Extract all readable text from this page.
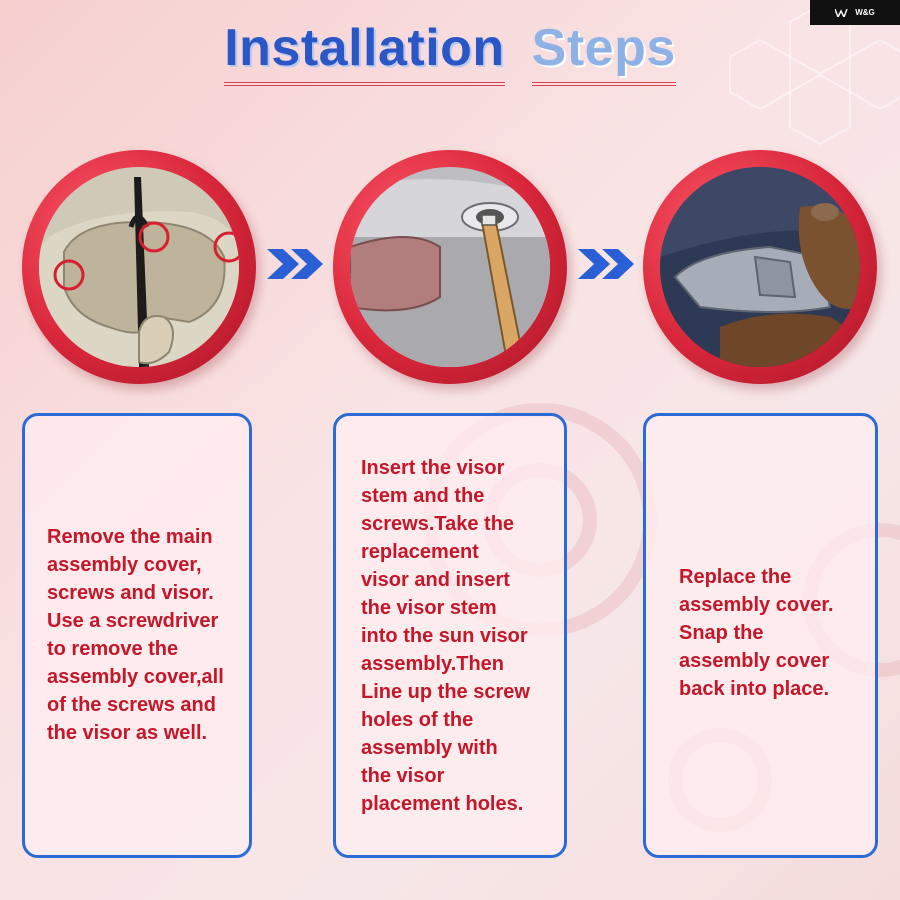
W&G
Installation Steps

Remove the main
assembly cover,
screws and visor.
Use a screwdriver
to remove the
assembly cover,all
of the screws and
the visor as well.

Insert the visor
stem and the
screws.Take the
replacement
visor and insert
the visor stem
into the sun visor
assembly.Then
Line up the screw
holes of the
assembly with
the visor
placement holes.

Replace the
assembly cover.
Snap the
assembly cover
back into place.
